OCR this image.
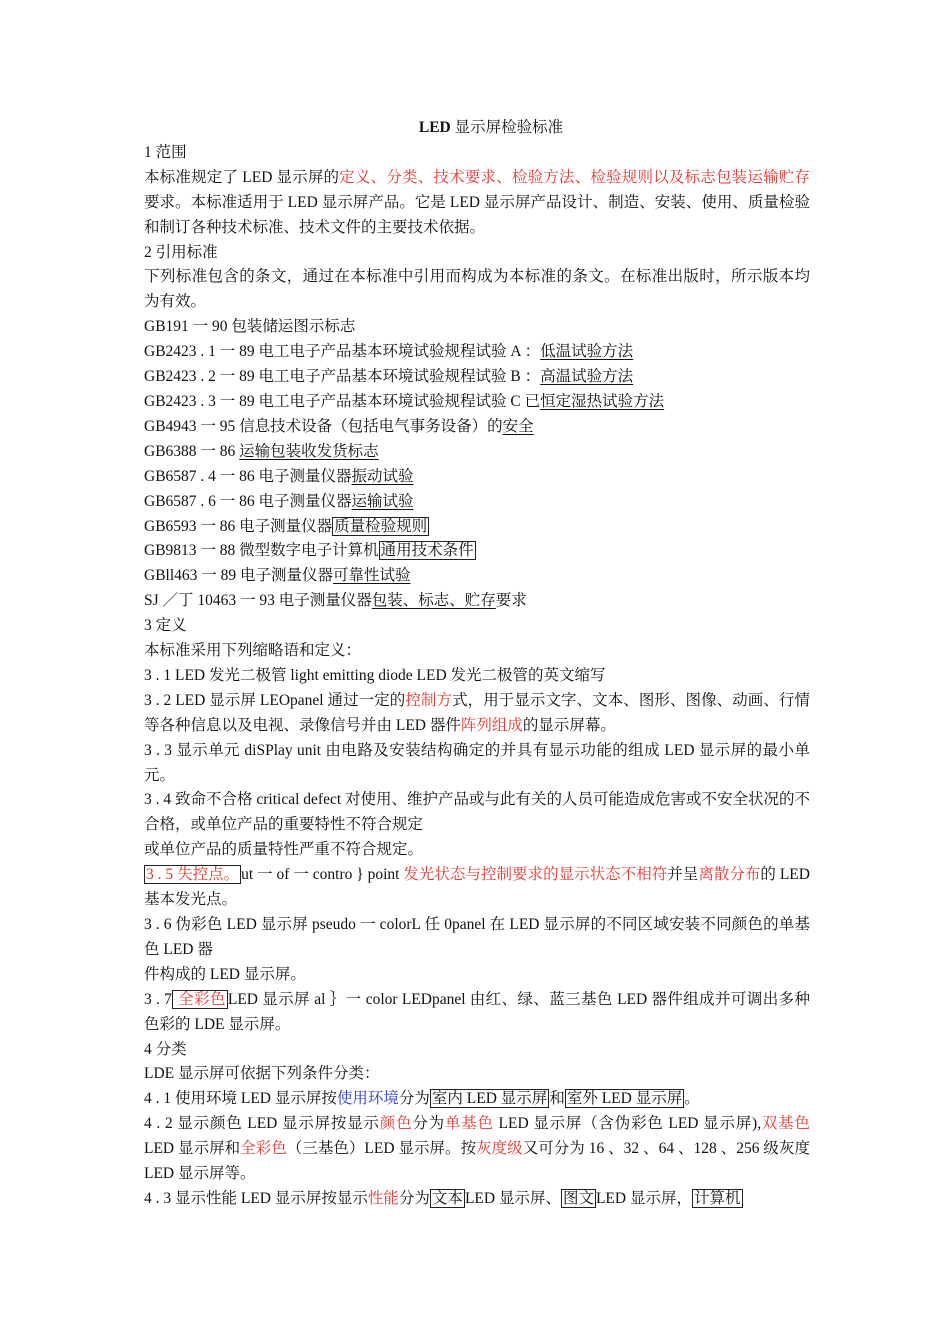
LED 显示屏检验标准
1 范围
本标准规定了 LED 显示屏的定义、分类、技术要求、检验方法、检验规则以及标志包装运输贮存要求。本标准适用于 LED 显示屏产品。它是 LED 显示屏产品设计、制造、安装、使用、质量检验和制订各种技术标准、技术文件的主要技术依据。
2 引用标准
下列标准包含的条文，通过在本标准中引用而构成为本标准的条文。在标准出版时，所示版本均为有效。
GB191 一 90 包装储运图示标志
GB2423 . 1 一 89 电工电子产品基本环境试验规程试验 A ：低温试验方法
GB2423 . 2 一 89 电工电子产品基本环境试验规程试验 B ：高温试验方法
GB2423 . 3 一 89 电工电子产品基本环境试验规程试验 C 已恒定湿热试验方法
GB4943 一 95 信息技术设备（包括电气事务设备）的安全
GB6388 一 86 运输包装收发货标志
GB6587 . 4 一 86 电子测量仪器振动试验
GB6587 . 6 一 86 电子测量仪器运输试验
GB6593 一 86 电子测量仪器 质量检验规则
GB9813 一 88 微型数字电子计算机 通用技术条件
GBll463 一 89 电子测量仪器可靠性试验
SJ ／丁 10463 一 93 电子测量仪器包装、标志、贮存要求
3 定义
本标准采用下列缩略语和定义：
3 . 1 LED 发光二极管 light emitting diode LED 发光二极管的英文缩写
3 . 2 LED 显示屏 LEOpanel 通过一定的控制方式，用于显示文字、文本、图形、图像、动画、行情等各种信息以及电视、录像信号并由 LED 器件阵列组成的显示屏幕。
3 . 3 显示单元 diSPlay unit 由电路及安装结构确定的并具有显示功能的组成 LED 显示屏的最小单元。
3 . 4 致命不合格 critical defect 对使用、维护产品或与此有关的人员可能造成危害或不安全状况的不合格，或单位产品的重要特性不符合规定
或单位产品的质量特性严重不符合规定。
3 . 5 失控点。 ut 一 of 一 contro } point 发光状态与控制要求的显示状态不相符并呈离散分布的 LED 基本发光点。
3 . 6 伪彩色 LED 显示屏 pseudo 一 colorL 任 0panel 在 LED 显示屏的不同区域安装不同颜色的单基色 LED 器
件构成的 LED 显示屏。
3 . 7 全彩色 LED 显示屏 al ｝一 color LEDpanel 由红、绿、蓝三基色 LED 器件组成并可调出多种色彩的 LDE 显示屏。
4 分类
LDE 显示屏可依据下列条件分类：
4 . 1 使用环境 LED 显示屏按使用环境分为 室内 LED 显示屏 和 室外 LED 显示屏 。
4 . 2 显示颜色 LED 显示屏按显示颜色分为单基色 LED 显示屏（含伪彩色 LED 显示屏),双基色 LED 显示屏和全彩色（三基色）LED 显示屏。按灰度级又可分为 16 、32 、64 、128 、256 级灰度 LED 显示屏等。
4 . 3 显示性能 LED 显示屏按显示性能分为 文本 LED 显示屏、 图文 LED 显示屏， 计算机
